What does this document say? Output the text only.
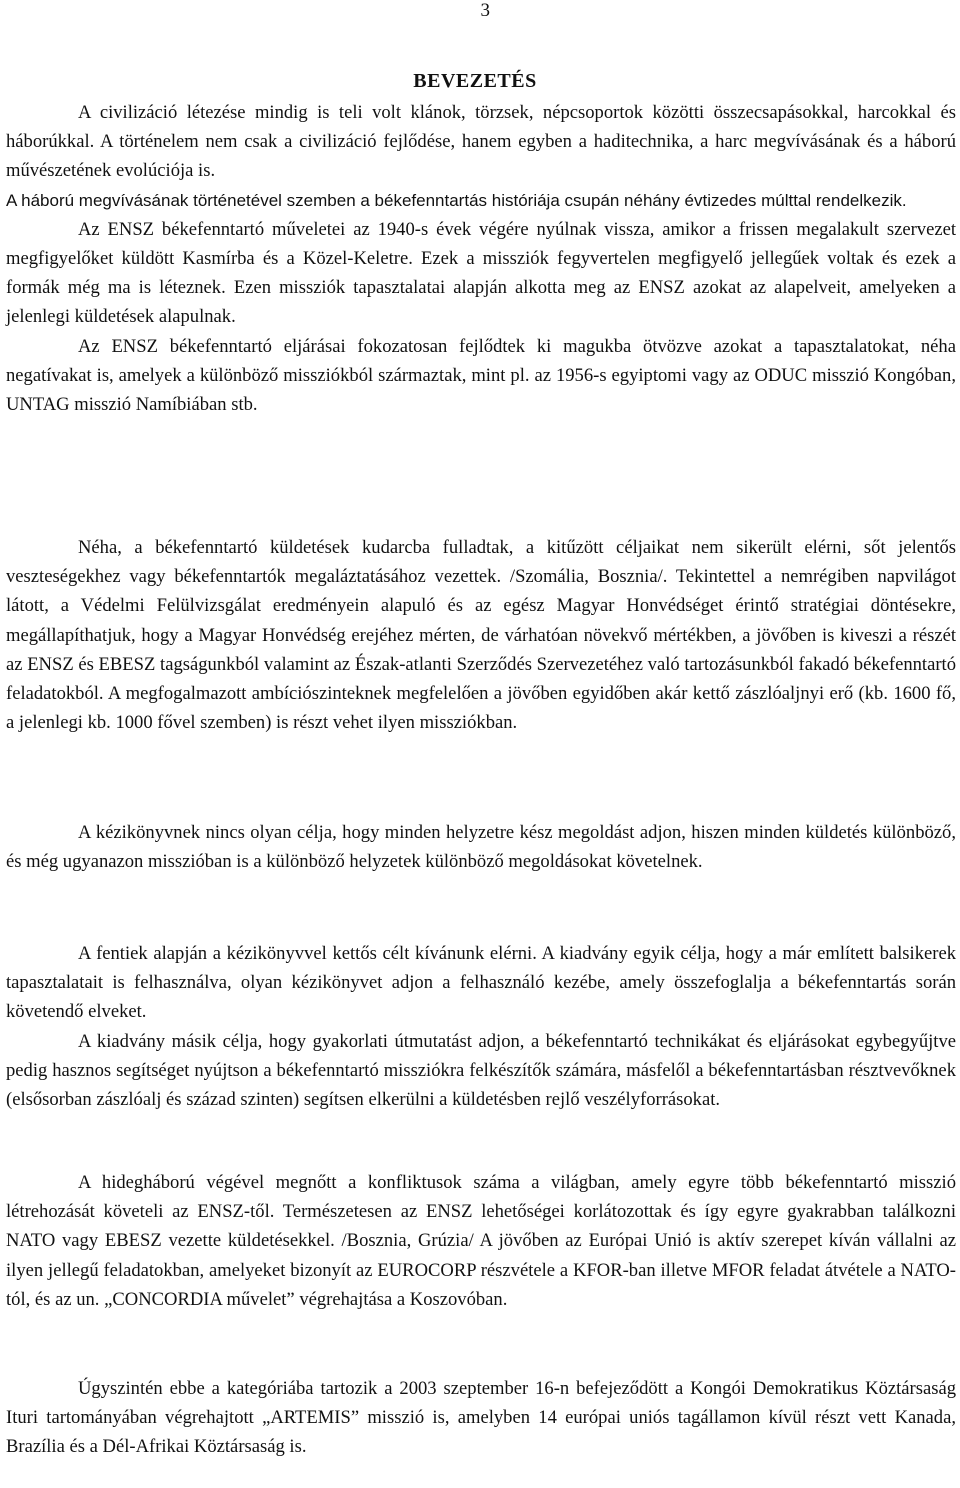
3
BEVEZETÉS

A civilizáció létezése mindig is teli volt klánok, törzsek, népcsoportok közötti összecsapásokkal, harcokkal és háborúkkal. A történelem nem csak a civilizáció fejlődése, hanem egyben a haditechnika, a harc megvívásának és a háború művészetének evolúciója is.

A háború megvívásának történetével szemben a békefenntartás históriája csupán néhány évtizedes múlttal rendelkezik.

Az ENSZ békefenntartó műveletei az 1940-s évek végére nyúlnak vissza, amikor a frissen megalakult szervezet megfigyelőket küldött Kasmírba és a Közel-Keletre. Ezek a missziók fegyvertelen megfigyelő jellegűek voltak és ezek a formák még ma is léteznek. Ezen missziók tapasztalatai alapján alkotta meg az ENSZ azokat az alapelveit, amelyeken a jelenlegi küldetések alapulnak.

Az ENSZ békefenntartó eljárásai fokozatosan fejlődtek ki magukba ötvözve azokat a tapasztalatokat, néha negatívakat is, amelyek a különböző missziókból származtak, mint pl. az 1956-s egyiptomi vagy az ODUC misszió Kongóban, UNTAG misszió Namíbiában stb.

Néha, a békefenntartó küldetések kudarcba fulladtak, a kitűzött céljaikat nem sikerült elérni, sőt jelentős veszteségekhez vagy békefenntartók megaláztatásához vezettek. /Szomália, Bosznia/. Tekintettel a nemrégiben napvilágot látott, a Védelmi Felülvizsgálat eredményein alapuló és az egész Magyar Honvédséget érintő stratégiai döntésekre, megállapíthatjuk, hogy a Magyar Honvédség erejéhez mérten, de várhatóan növekvő mértékben, a jövőben is kiveszi a részét az ENSZ és EBESZ tagságunkból valamint az Észak-atlanti Szerződés Szervezetéhez való tartozásunkból fakadó békefenntartó feladatokból. A megfogalmazott ambíciószinteknek megfelelően a jövőben egyidőben akár kettő zászlóaljnyi erő (kb. 1600 fő, a jelenlegi kb. 1000 fővel szemben) is részt vehet ilyen missziókban.

A kézikönyvnek nincs olyan célja, hogy minden helyzetre kész megoldást adjon, hiszen minden küldetés különböző, és még ugyanazon misszióban is a különböző helyzetek különböző megoldásokat követelnek.

A fentiek alapján a kézikönyvvel kettős célt kívánunk elérni. A kiadvány egyik célja, hogy a már említett balsikerek tapasztalatait is felhasználva, olyan kézikönyvet adjon a felhasználó kezébe, amely összefoglalja a békefenntartás során követendő elveket.

A kiadvány másik célja, hogy gyakorlati útmutatást adjon, a békefenntartó technikákat és eljárásokat egybegyűjtve pedig hasznos segítséget nyújtson a békefenntartó missziókra felkészítők számára, másfelől a békefenntartásban résztvevőknek (elsősorban zászlóalj és század szinten) segítsen elkerülni a küldetésben rejlő veszélyforrásokat.

A hidegháború végével megnőtt a konfliktusok száma a világban, amely egyre több békefenntartó misszió létrehozását követeli az ENSZ-től. Természetesen az ENSZ lehetőségei korlátozottak és így egyre gyakrabban találkozni NATO vagy EBESZ vezette küldetésekkel. /Bosznia, Grúzia/ A jövőben az Európai Unió is aktív szerepet kíván vállalni az ilyen jellegű feladatokban, amelyeket bizonyít az EUROCORP részvétele a KFOR-ban illetve MFOR feladat átvétele a NATO-tól, és az un. „CONCORDIA művelet” végrehajtása a Koszovóban.

Úgyszintén ebbe a kategóriába tartozik a 2003 szeptember 16-n befejeződött a Kongói Demokratikus Köztársaság Ituri tartományában végrehajtott „ARTEMIS” misszió is, amelyben 14 európai uniós tagállamon kívül részt vett Kanada, Brazília és a Dél-Afrikai Köztársaság is.
